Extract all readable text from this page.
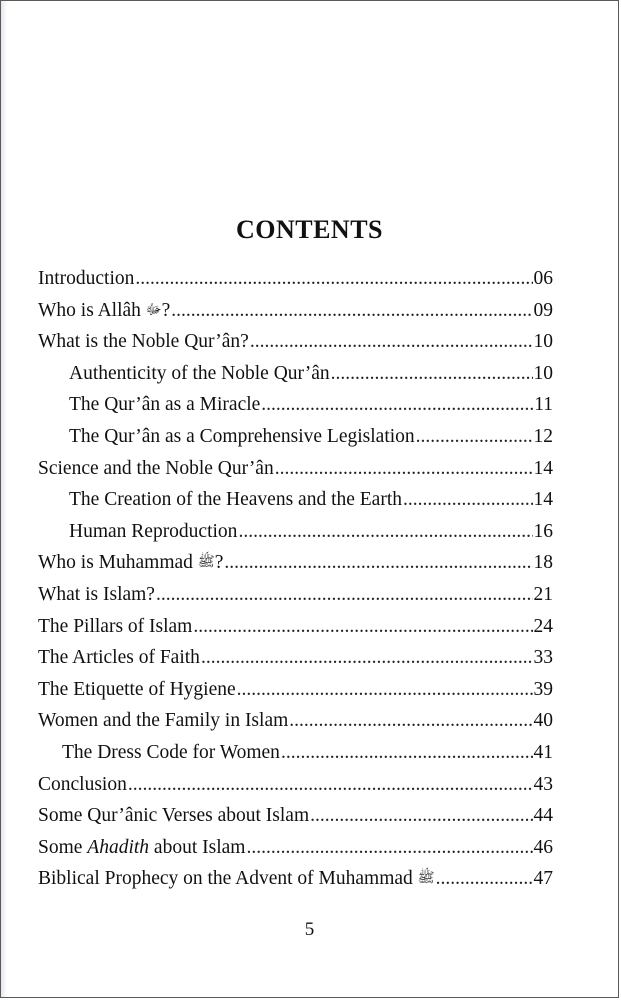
CONTENTS
Introduction .....	06
Who is Allâh ﷻ? .....	09
What is the Noble Qur’ân? .....	10
Authenticity of the Noble Qur’ân .....	10
The Qur’ân as a Miracle .....	11
The Qur’ân as a Comprehensive Legislation .....	12
Science and the Noble Qur’ân .....	14
The Creation of the Heavens and the Earth .....	14
Human Reproduction .....	16
Who is Muhammad ﷺ? .....	18
What is Islam? .....	21
The Pillars of Islam .....	24
The Articles of Faith .....	33
The Etiquette of Hygiene .....	39
Women and the Family in Islam .....	40
The Dress Code for Women .....	41
Conclusion .....	43
Some Qur’ânic Verses about Islam .....	44
Some Ahadith about Islam .....	46
Biblical Prophecy on the Advent of Muhammad ﷺ .....	47
5
